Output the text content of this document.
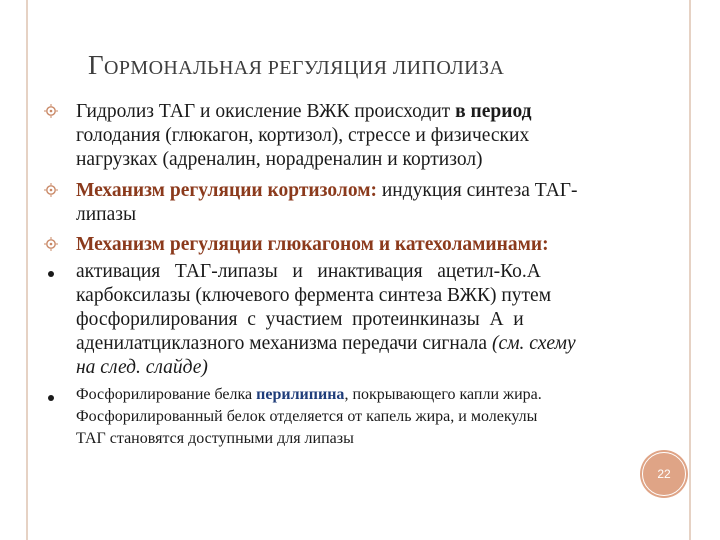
ГОРМОНАЛЬНАЯ РЕГУЛЯЦИЯ ЛИПОЛИЗА
Гидролиз ТАГ и окисление ВЖК происходит в период
голодания (глюкагон, кортизол), стрессе и физических
нагрузках (адреналин, норадреналин и кортизол)
Механизм регуляции кортизолом: индукция синтеза ТАГ-
липазы
Механизм регуляции глюкагоном и катехоламинами:
активация   ТАГ-липазы   и   инактивация   ацетил-Ко.А
карбоксилазы (ключевого фермента синтеза ВЖК) путем
фосфорилирования  с  участием  протеинкиназы  А  и
аденилатциклазного механизма передачи сигнала (см. схему
на след. слайде)
Фосфорилирование белка перилипина, покрывающего капли жира.
Фосфорилированный белок отделяется от капель жира, и молекулы
ТАГ становятся доступными для липазы
22
